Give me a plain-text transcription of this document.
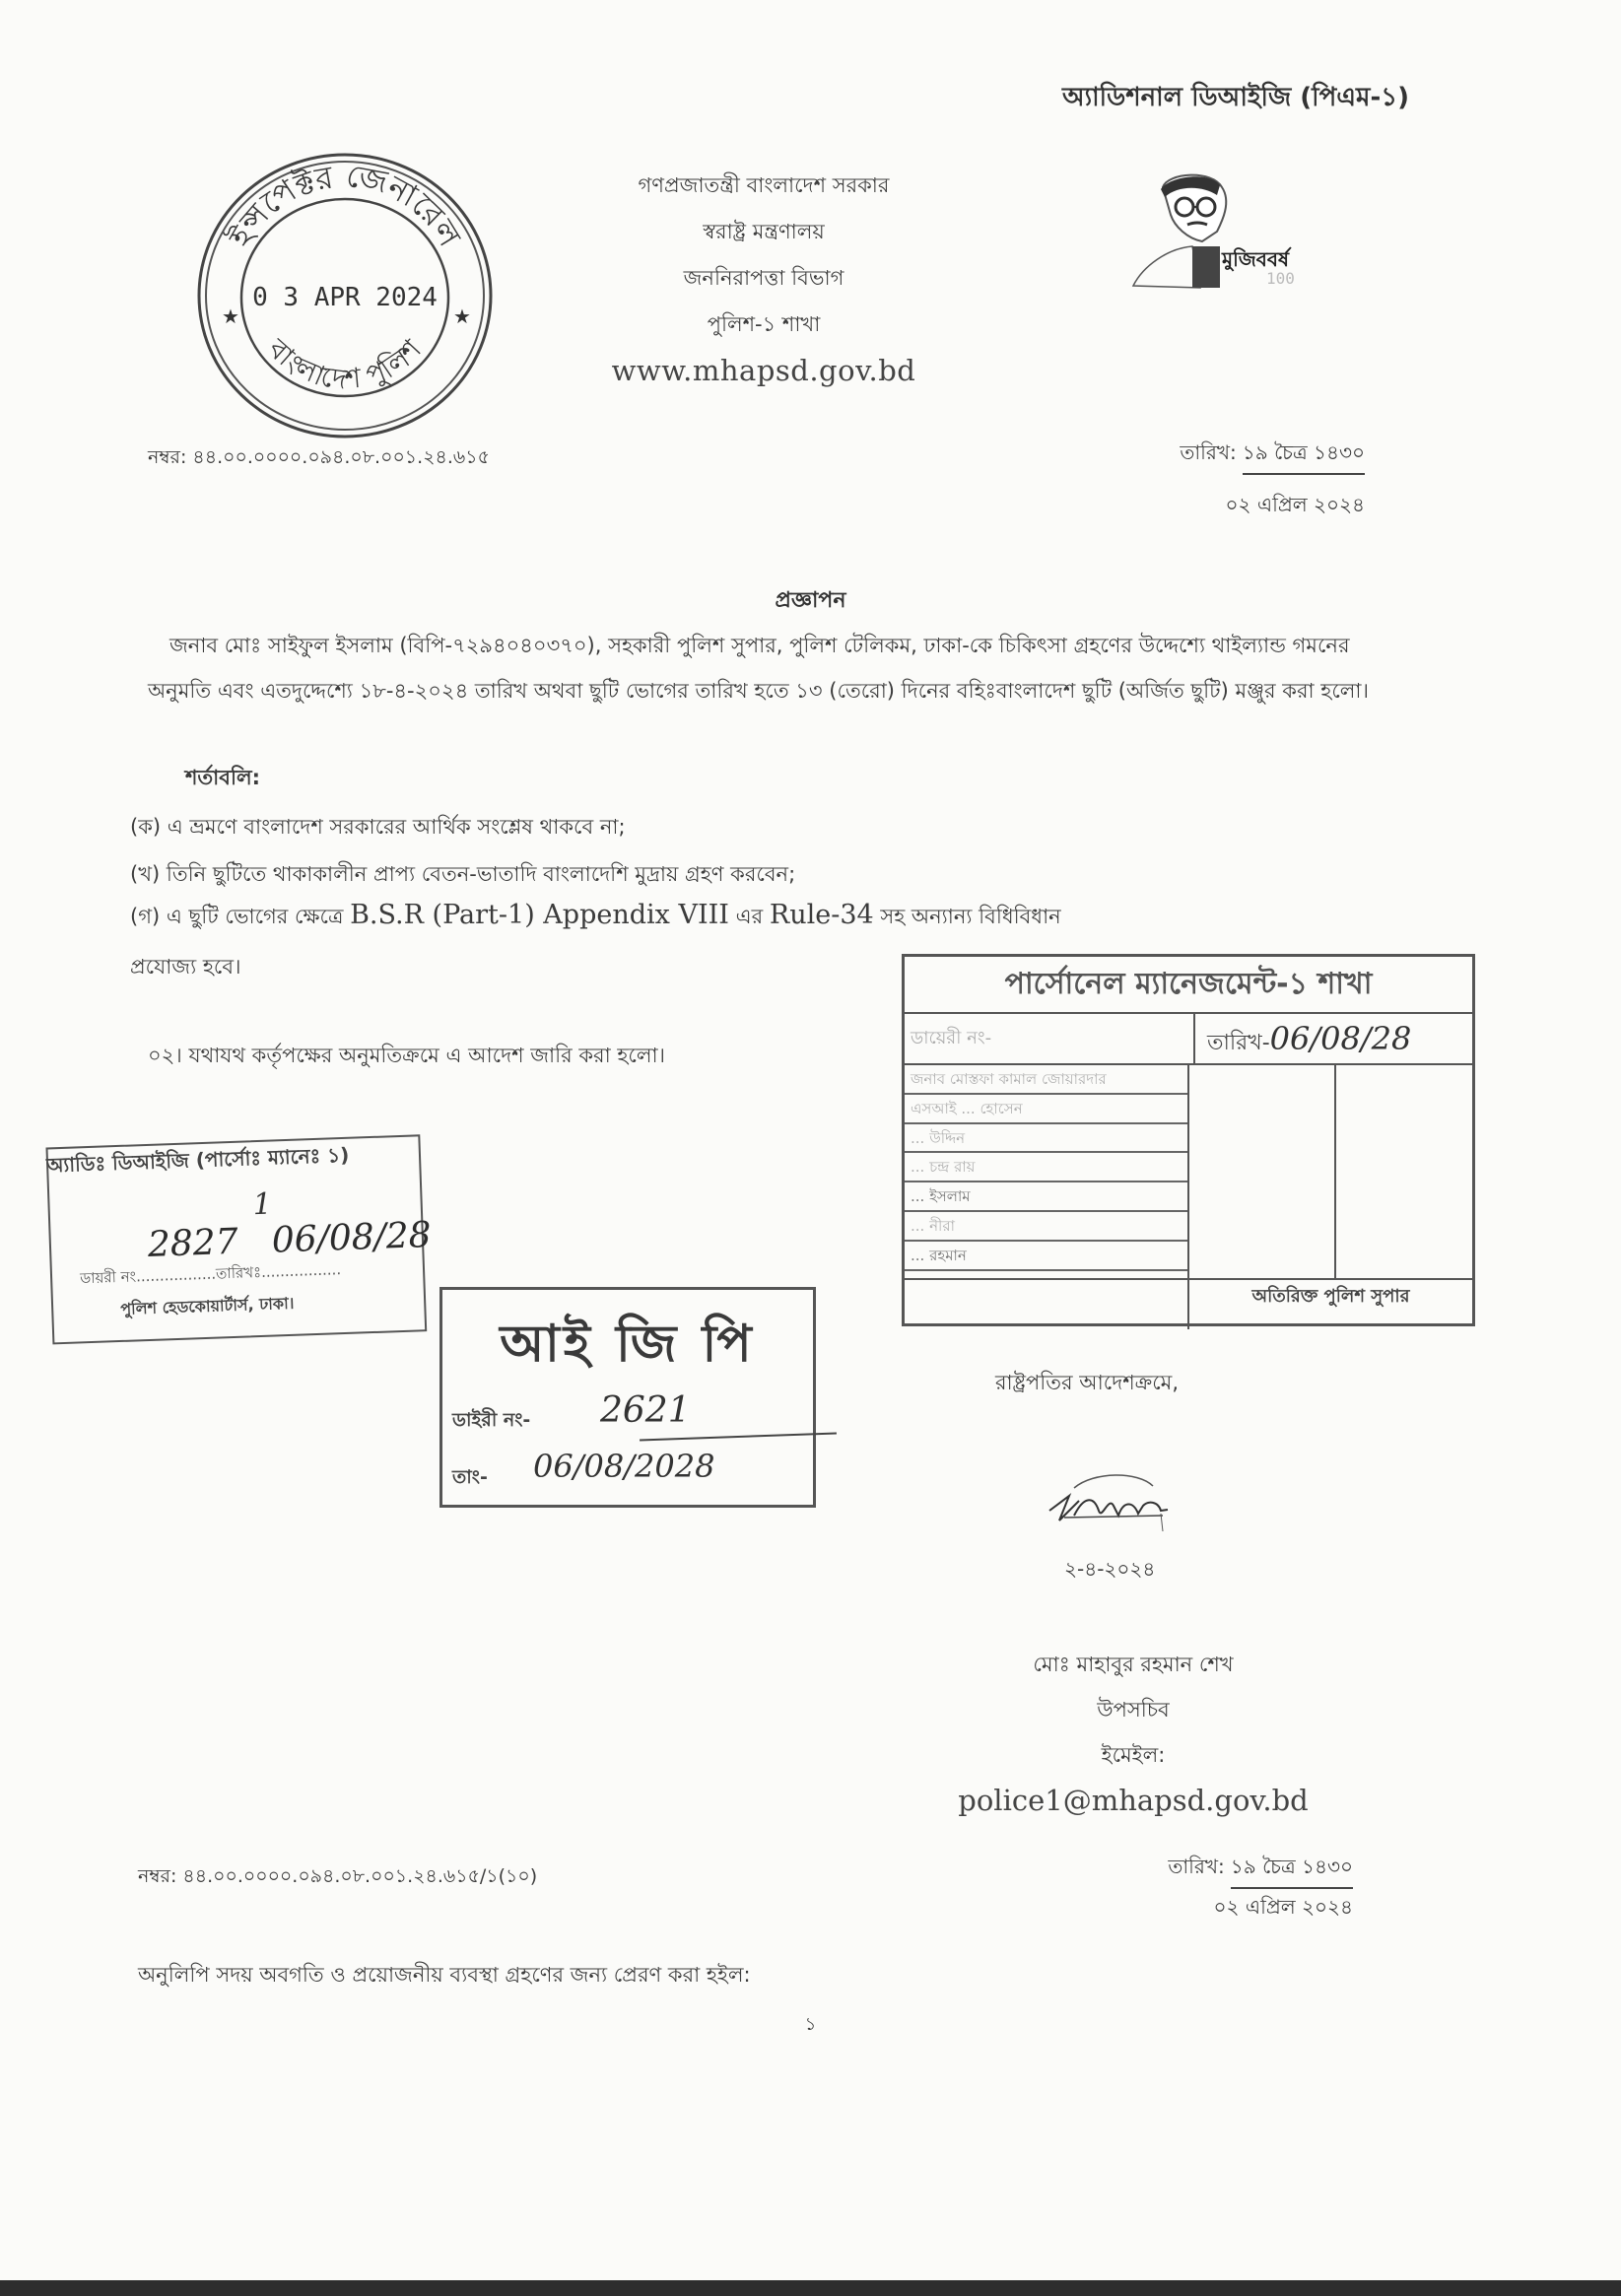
অ্যাডিশনাল ডিআইজি (পিএম-১)
গণপ্রজাতন্ত্রী বাংলাদেশ সরকার
স্বরাষ্ট্র মন্ত্রণালয়
জননিরাপত্তা বিভাগ
পুলিশ-১ শাখা
www.mhapsd.gov.bd
ইন্সপেক্টর জেনারেল
বাংলাদেশ পুলিশ
0 3 APR 2024
★	★
মুজিববর্ষ
100
নম্বর: ৪৪.০০.০০০০.০৯৪.০৮.০০১.২৪.৬১৫	তারিখ: ১৯ চৈত্র ১৪৩০
০২ এপ্রিল ২০২৪
প্রজ্ঞাপন
জনাব মোঃ সাইফুল ইসলাম (বিপি-৭২৯৪০৪০৩৭০), সহকারী পুলিশ সুপার, পুলিশ টেলিকম, ঢাকা-কে চিকিৎসা গ্রহণের উদ্দেশ্যে থাইল্যান্ড গমনের অনুমতি এবং এতদুদ্দেশ্যে ১৮-৪-২০২৪ তারিখ অথবা ছুটি ভোগের তারিখ হতে ১৩ (তেরো) দিনের বহিঃবাংলাদেশ ছুটি (অর্জিত ছুটি) মঞ্জুর করা হলো।
শর্তাবলি:
(ক) এ ভ্রমণে বাংলাদেশ সরকারের আর্থিক সংশ্লেষ থাকবে না;
(খ) তিনি ছুটিতে থাকাকালীন প্রাপ্য বেতন-ভাতাদি বাংলাদেশি মুদ্রায় গ্রহণ করবেন;
(গ) এ ছুটি ভোগের ক্ষেত্রে B.S.R (Part-1) Appendix VIII এর Rule-34 সহ অন্যান্য বিধিবিধান
প্রযোজ্য হবে।
০২। যথাযথ কর্তৃপক্ষের অনুমতিক্রমে এ আদেশ জারি করা হলো।
পার্সোনেল ম্যানেজমেন্ট-১ শাখা
ডায়েরী নং-	তারিখ-06/08/28
জনাব মোস্তফা কামাল জোয়ারদার
এসআই ... হোসেন
... উদ্দিন
... চন্দ্র রায়
... ইসলাম
... নীরা
... রহমান
অতিরিক্ত পুলিশ সুপার
অ্যাডিঃ ডিআইজি (পার্সোঃ ম্যানেঃ ১)
1
2827 06/08/28
ডায়রী নং.................তারিখঃ.................
পুলিশ হেডকোয়ার্টার্স, ঢাকা।
আই জি পি
ডাইরী নং- 2621
তাং- 06/08/2028
রাষ্ট্রপতির আদেশক্রমে,
২-৪-২০২৪
মোঃ মাহাবুর রহমান শেখ
উপসচিব
ইমেইল:
police1@mhapsd.gov.bd
নম্বর: ৪৪.০০.০০০০.০৯৪.০৮.০০১.২৪.৬১৫/১(১০)	তারিখ: ১৯ চৈত্র ১৪৩০
০২ এপ্রিল ২০২৪
অনুলিপি সদয় অবগতি ও প্রয়োজনীয় ব্যবস্থা গ্রহণের জন্য প্রেরণ করা হইল:
১
